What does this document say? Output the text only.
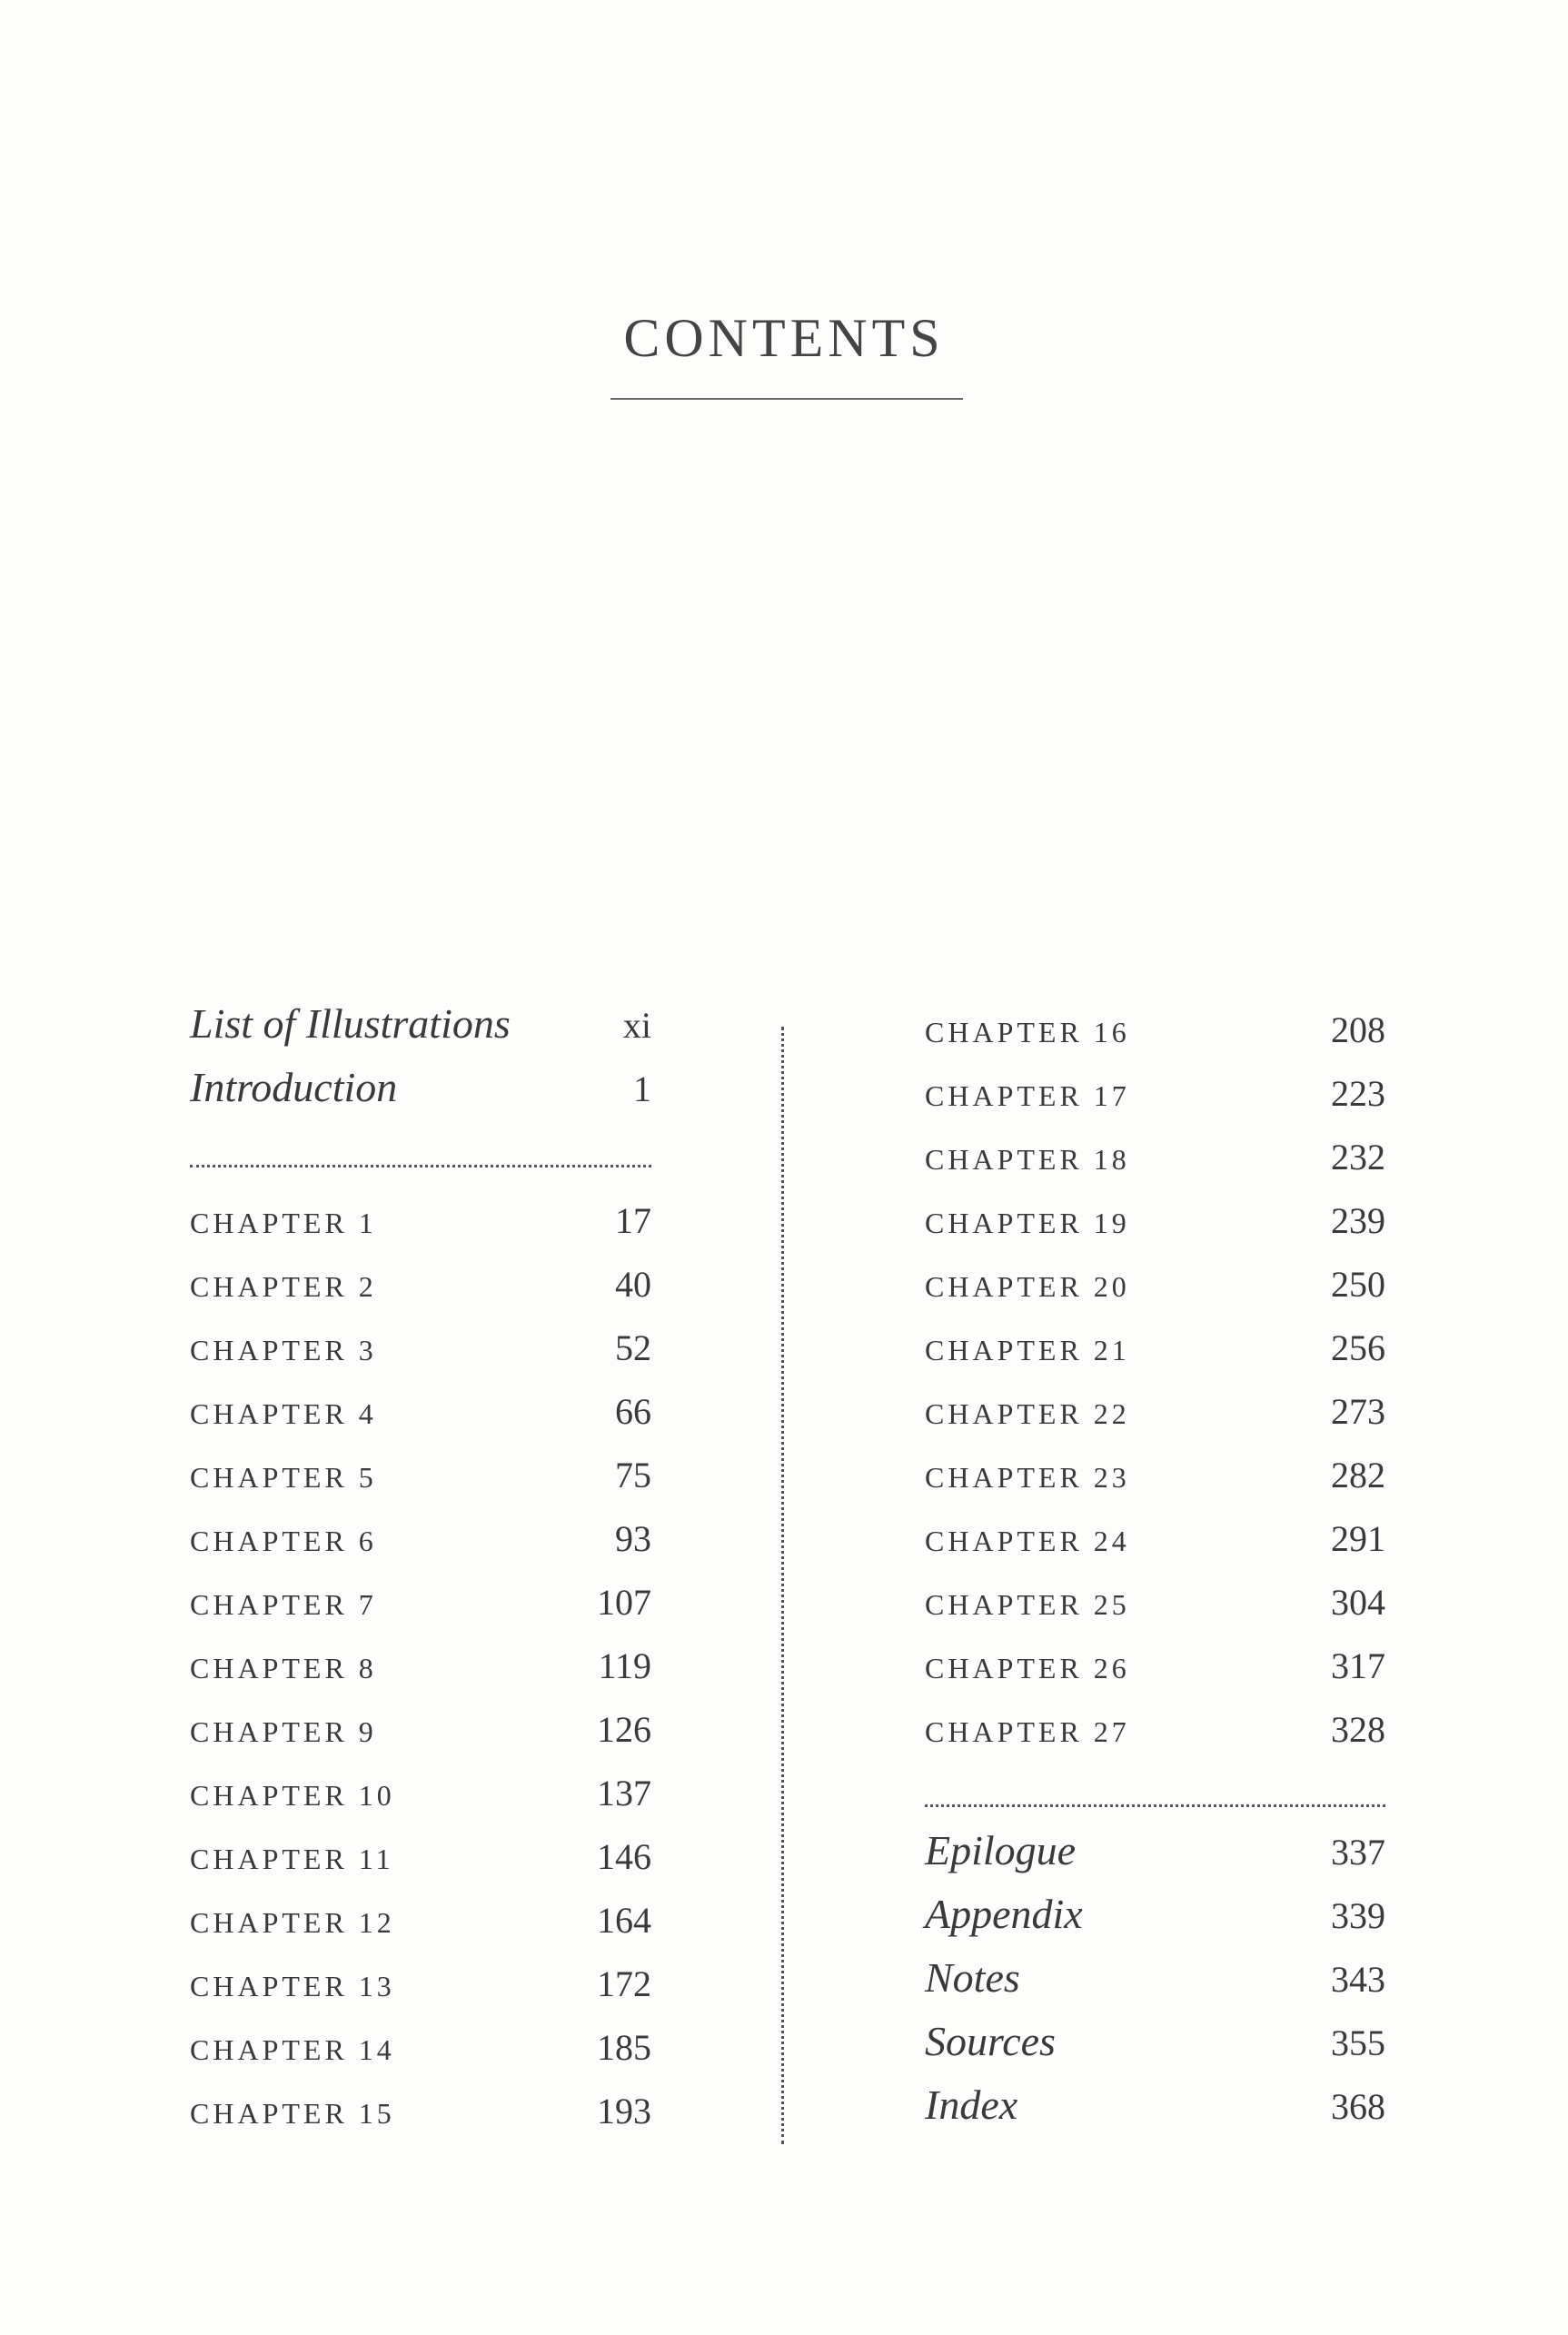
CONTENTS
List of Illustrations	xi
Introduction	1
CHAPTER 1	17
CHAPTER 2	40
CHAPTER 3	52
CHAPTER 4	66
CHAPTER 5	75
CHAPTER 6	93
CHAPTER 7	107
CHAPTER 8	119
CHAPTER 9	126
CHAPTER 10	137
CHAPTER 11	146
CHAPTER 12	164
CHAPTER 13	172
CHAPTER 14	185
CHAPTER 15	193
CHAPTER 16	208
CHAPTER 17	223
CHAPTER 18	232
CHAPTER 19	239
CHAPTER 20	250
CHAPTER 21	256
CHAPTER 22	273
CHAPTER 23	282
CHAPTER 24	291
CHAPTER 25	304
CHAPTER 26	317
CHAPTER 27	328
Epilogue	337
Appendix	339
Notes	343
Sources	355
Index	368
